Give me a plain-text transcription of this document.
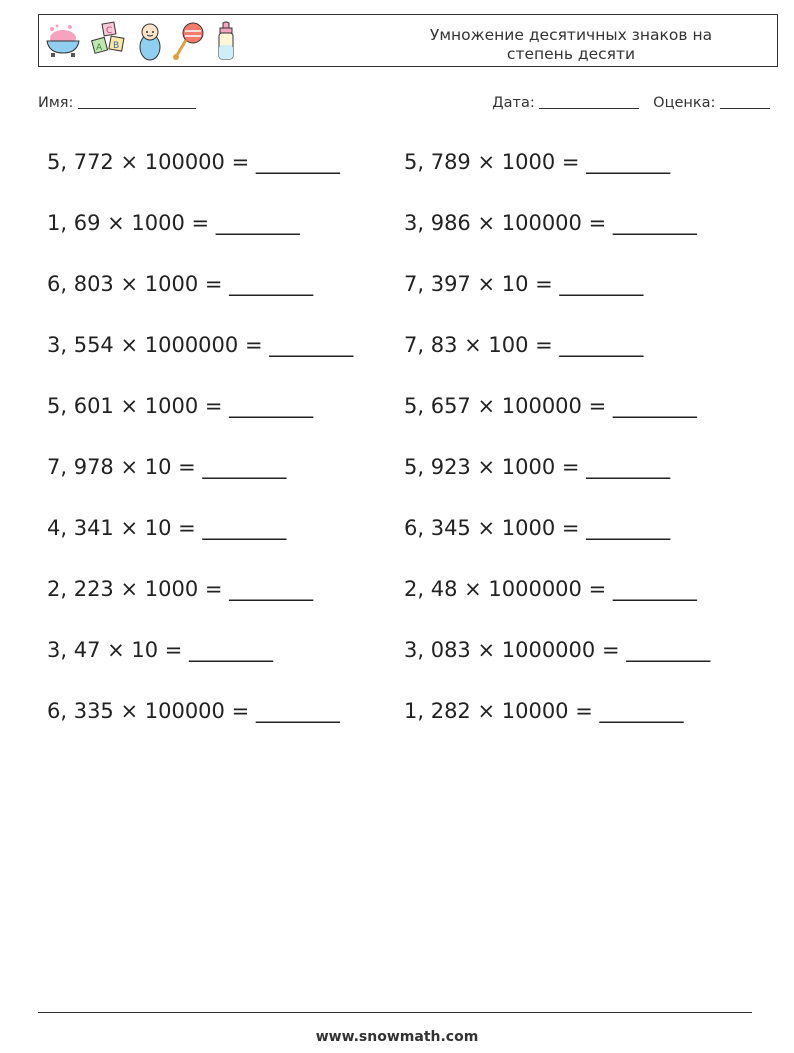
C
A B
Умножение десятичных знаков на
степень десяти
Имя:	Дата:	Оценка:
5, 772 × 100000 = ________
1, 69 × 1000 = ________
6, 803 × 1000 = ________
3, 554 × 1000000 = ________
5, 601 × 1000 = ________
7, 978 × 10 = ________
4, 341 × 10 = ________
2, 223 × 1000 = ________
3, 47 × 10 = ________
6, 335 × 100000 = ________
5, 789 × 1000 = ________
3, 986 × 100000 = ________
7, 397 × 10 = ________
7, 83 × 100 = ________
5, 657 × 100000 = ________
5, 923 × 1000 = ________
6, 345 × 1000 = ________
2, 48 × 1000000 = ________
3, 083 × 1000000 = ________
1, 282 × 10000 = ________
www.snowmath.com
